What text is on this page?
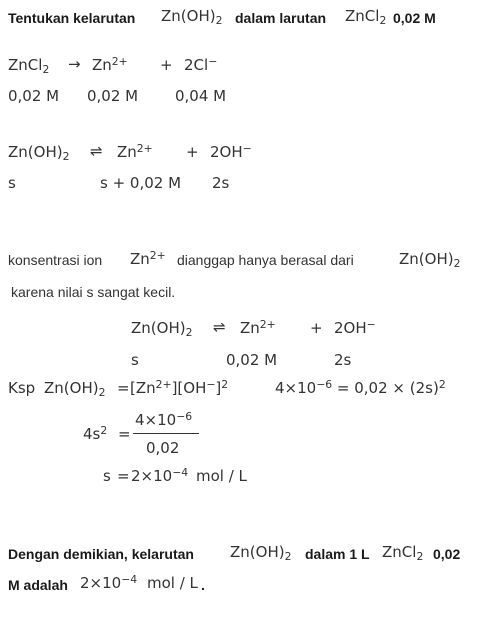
Tentukan kelarutan $Zn(OH)_2$ dalam larutan ZnCl$_2$ 0,02 M
ZnCl$_2$ → $Zn^{2+} + 2Cl^-$
0,02 M 0,02 M 0,04 M
$Zn(OH)_2$ ⇌ $Zn^{2+} + 2OH^-$
s	s + 0,02 M 2s
konsentrasi ion $Zn^{2+}$ dianggap hanya berasal dari	$Zn(OH)_2$
karena nilai s sangat kecil.
$Zn(OH)_2$ ⇌ $Zn^{2+} + 2OH^-$
s	0,02 M	2s
Ksp $Zn(OH)_2 = [Zn^{2+}][OH^-]^2$	$4\times 10^{-6} = 0,02 \times (2s)^2$
$4s^2$ =
$4\times 10^{-6}$
0,02
$s = 2\times 10^{-4}$ mol / L
Dengan demikian, kelarutan $Zn(OH)_2$ dalam 1 L ZnCl$_2$ 0,02
M adalah $2\times 10^{-4}$ mol / L .
